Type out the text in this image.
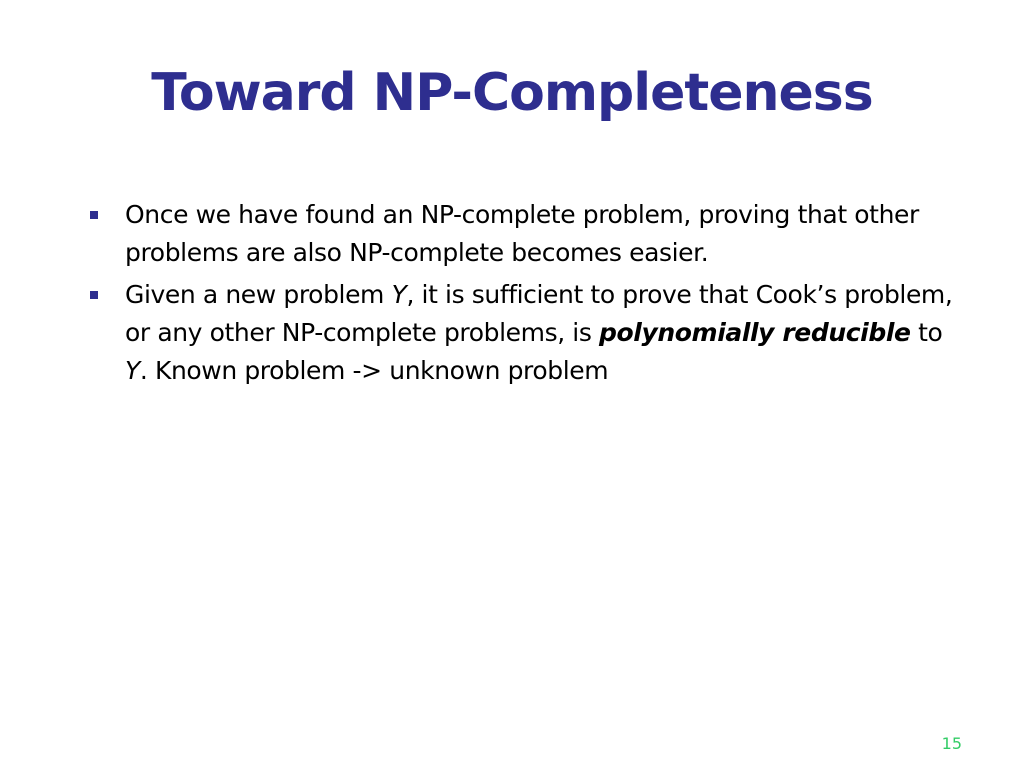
Toward NP-Completeness
Once we have found an NP-complete problem, proving that other problems are also NP-complete becomes easier.
Given a new problem Y, it is sufficient to prove that Cook’s problem, or any other NP-complete problems, is polynomially reducible to Y. Known problem -> unknown problem
15
